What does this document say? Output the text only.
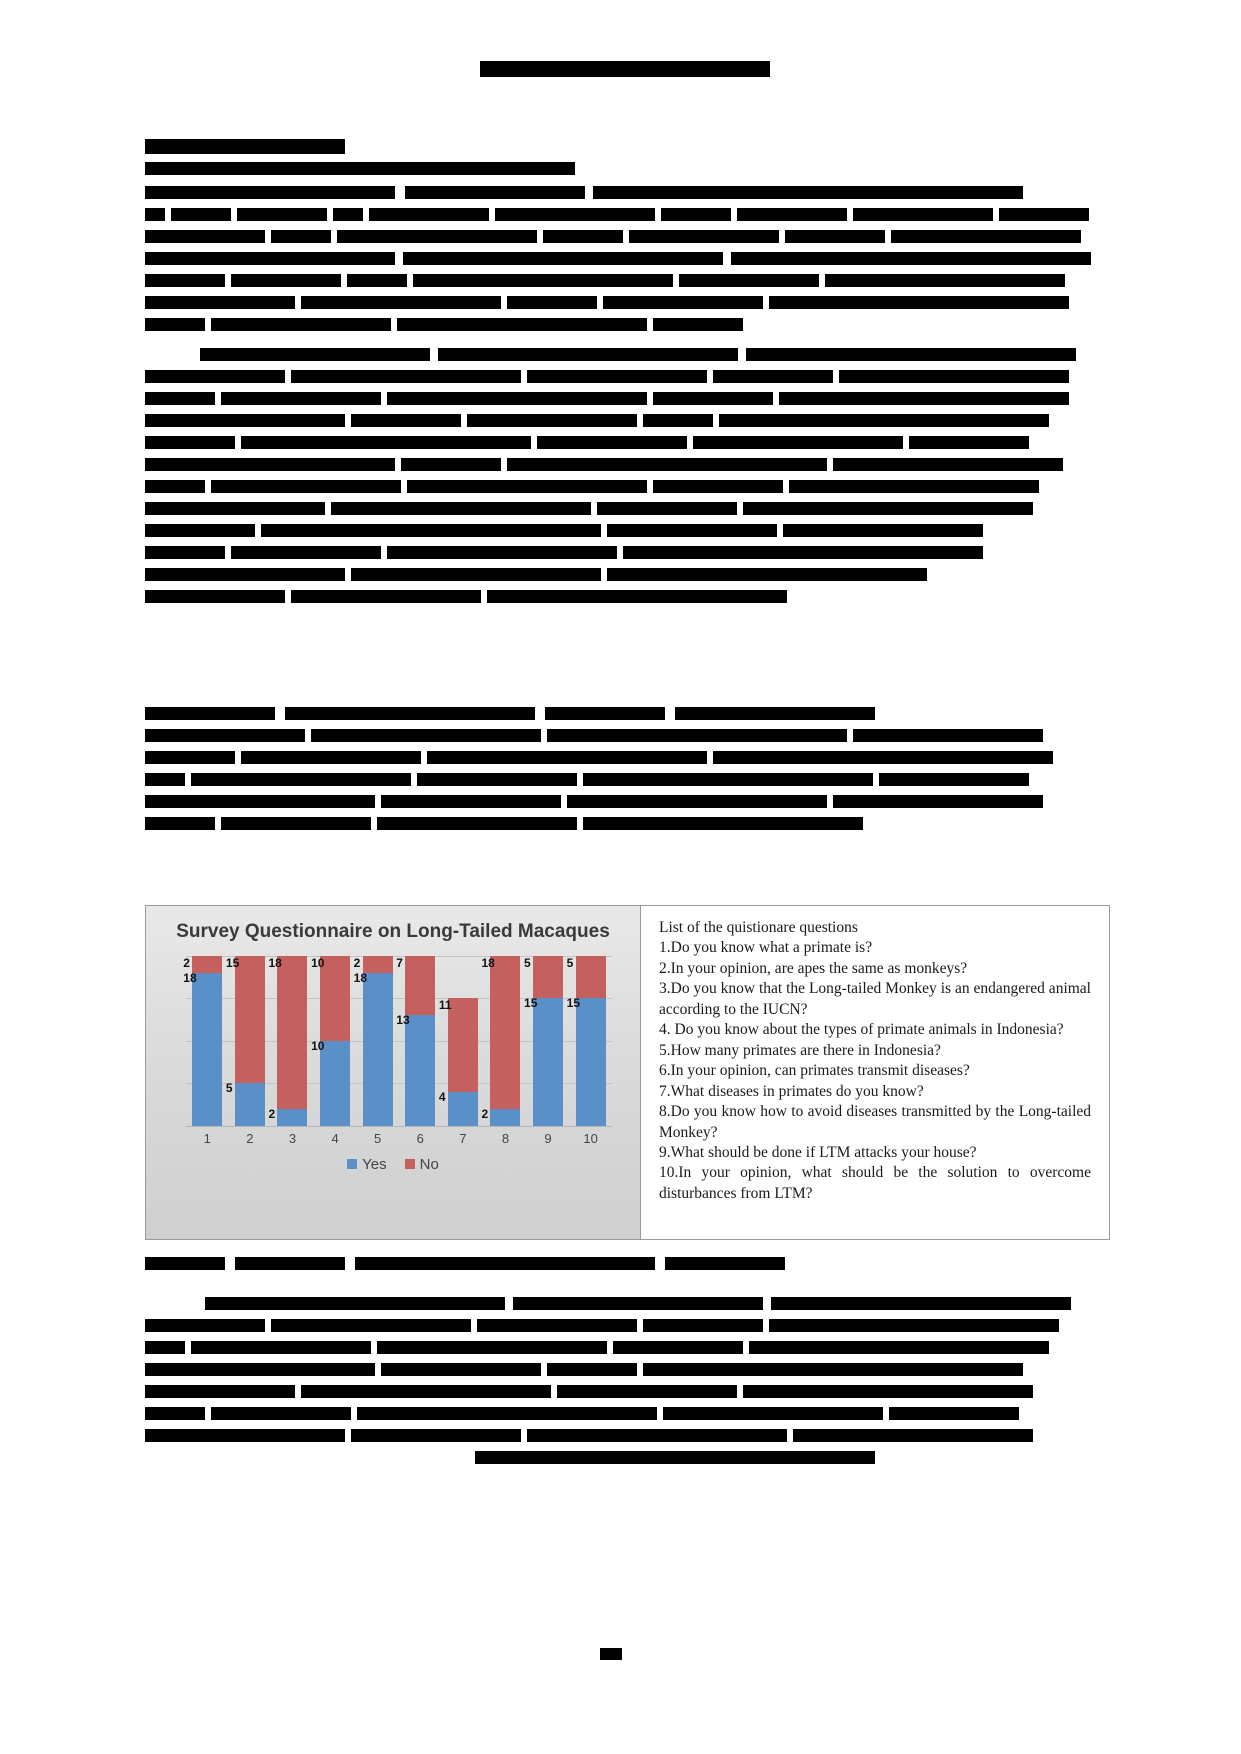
Survey Questionnaire on Long-Tailed Macaques
2
18
15
5
18
2
10
10
2
18
7
13
11
4
18
2
5
15
5
15
1	2	3	4	5	6	7	8	9	10
Yes No

List of the quistionare questions

1.Do you know what a primate is?

2.In your opinion, are apes the same as monkeys?

3.Do you know that the Long-tailed Monkey is an endangered animal according to the IUCN?

4. Do you know about the types of primate animals in Indonesia?

5.How many primates are there in Indonesia?

6.In your opinion, can primates transmit diseases?

7.What diseases in primates do you know?

8.Do you know how to avoid diseases transmitted by the Long-tailed Monkey?

9.What should be done if LTM attacks your house?

10.In your opinion, what should be the solution to overcome disturbances from LTM?
